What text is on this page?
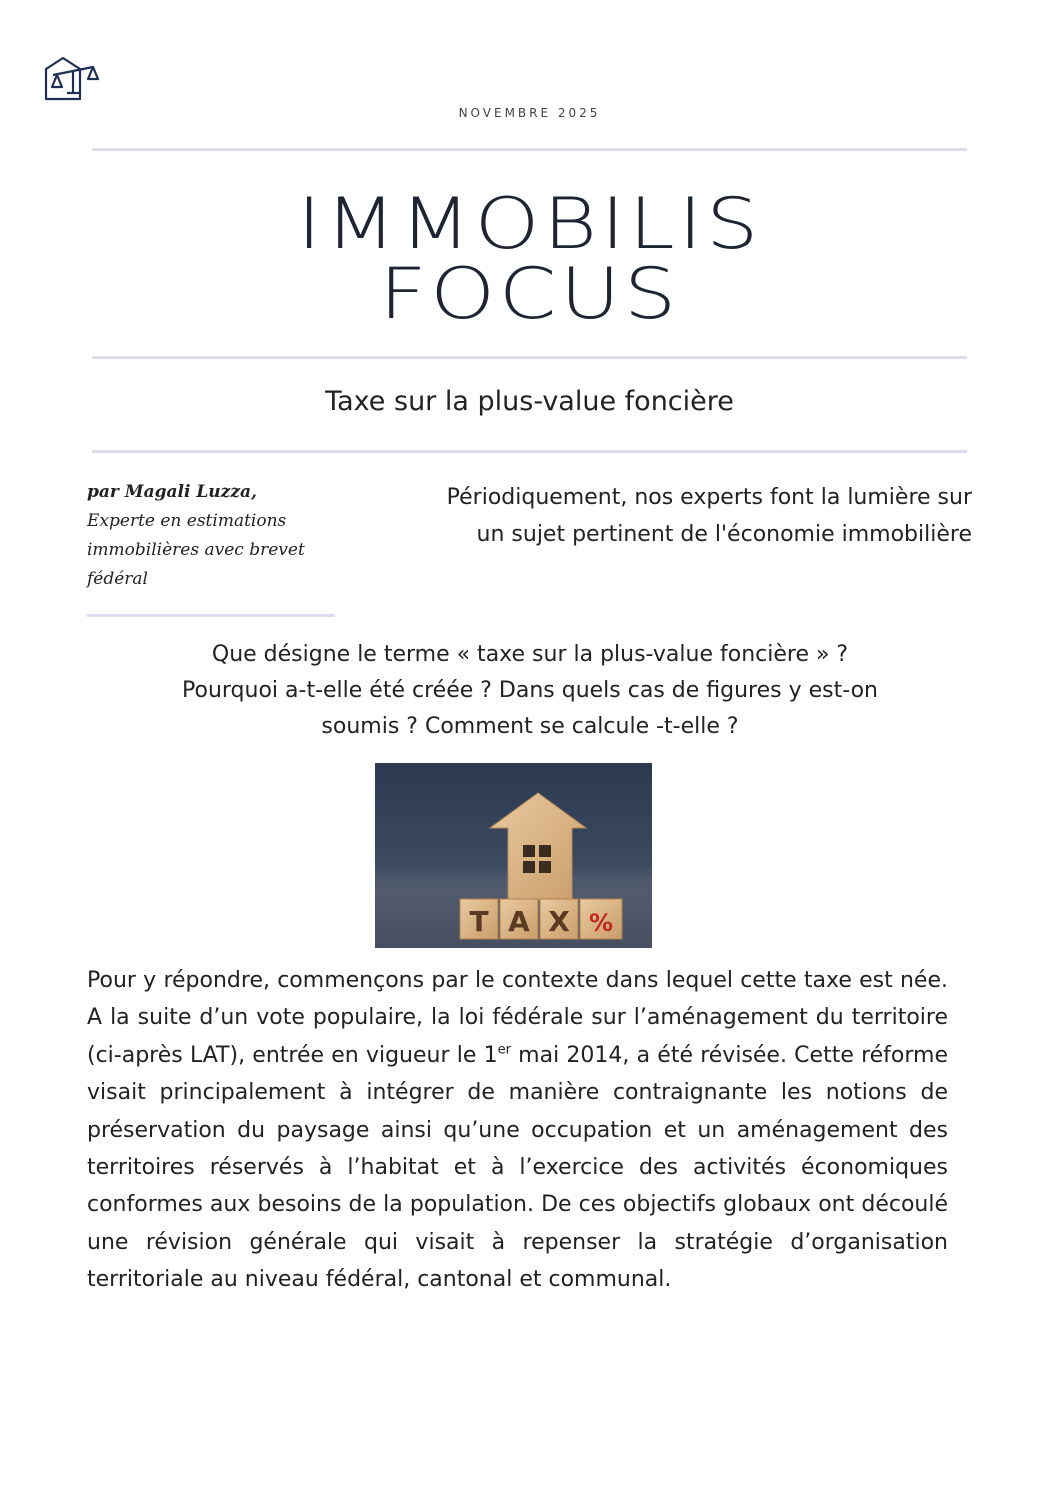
NOVEMBRE 2025
IMMOBILIS
FOCUS
Taxe sur la plus-value foncière
par Magali Luzza,
Experte en estimations
immobilières avec brevet
fédéral
Périodiquement, nos experts font la lumière sur
un sujet pertinent de l'économie immobilière
Que désigne le terme « taxe sur la plus-value foncière » ?
Pourquoi a-t-elle été créée ? Dans quels cas de figures y est-on
soumis ? Comment se calcule -t-elle ?
T A X %
Pour y répondre, commençons par le contexte dans lequel cette taxe est née. A la suite d’un vote populaire, la loi fédérale sur l’aménagement du territoire (ci-après LAT), entrée en vigueur le 1er mai 2014, a été révisée. Cette réforme visait principalement à intégrer de manière contraignante les notions de préservation du paysage ainsi qu’une occupation et un aménagement des territoires réservés à l’habitat et à l’exercice des activités économiques conformes aux besoins de la population. De ces objectifs globaux ont découlé une révision générale qui visait à repenser la stratégie d’organisation territoriale au niveau fédéral, cantonal et communal.
